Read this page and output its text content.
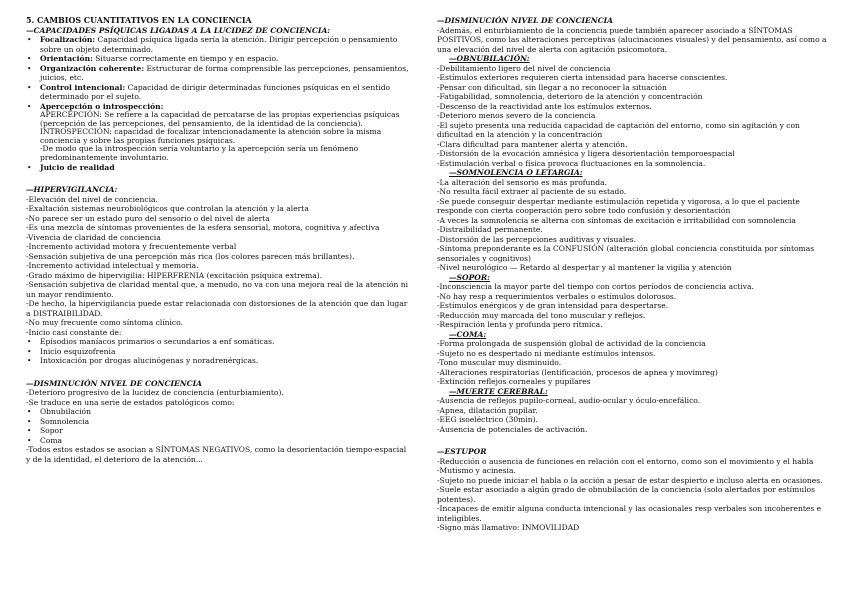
5. CAMBIOS CUANTITATIVOS EN LA CONCIENCIA
—CAPACIDADES PSÍQUICAS LIGADAS A LA LUCIDEZ DE CONCIENCIA:
• Focalización: Capacidad psíquica ligada sería la atención. Dirigir percepción o pensamiento sobre un objeto determinado.
• Orientación: Situarse correctamente en tiempo y en espacio.
• Organización coherente: Estructurar de forma comprensible las percepciones, pensamientos, juicios, etc.
• Control intencional: Capacidad de dirigir determinadas funciones psíquicas en el sentido determinado por el sujeto.
• Apercepción o introspección:
APERCEPCIÓN: Se refiere a la capacidad de percatarse de las propias experiencias psíquicas (percepción de las percepciones, del pensamiento, de la identidad de la conciencia).
INTROSPECCIÓN: capacidad de focalizar intencionadamente la atención sobre la misma conciencia y sobre las propias funciones psíquicas.
-De modo que la introspección sería voluntario y la apercepción sería un fenómeno predominantemente involuntario.
• Juicio de realidad
—HIPERVIGILANCIA:
-Elevación del nivel de conciencia.
-Exaltación sistemas neurobiológicos que controlan la atención y la alerta
-No parece ser un estado puro del sensorio o del nivel de alerta
-Es una mezcla de síntomas provenientes de la esfera sensorial, motora, cognitiva y afectiva
-Vivencia de claridad de conciencia
-Incremento actividad motora y frecuentemente verbal
-Sensación subjetiva de una percepción más rica (los colores parecen más brillantes).
-Incremento actividad intelectual y memoria.
-Grado máximo de hipervigilia: HIPERFRENIA (excitación psíquica extrema).
-Sensación subjetiva de claridad mental que, a menudo, no va con una mejora real de la atención ni un mayor rendimiento.
-De hecho, la hipervigilancia puede estar relacionada con distorsiones de la atención que dan lugar a DISTRAIBILIDAD.
-No muy frecuente como síntoma clínico.
-Inicio casi constante de:
• Episodios maníacos primarios o secundarios a enf somáticas.
• Inicio esquizofrenia
• Intoxicación por drogas alucinógenas y noradrenérgicas.
—DISMINUCIÓN NIVEL DE CONCIENCIA
-Deterioro progresivo de la lucidez de conciencia (enturbiamiento).
-Se traduce en una serie de estados patológicos como:
• Obnubilación
• Somnolencia
• Sopor
• Coma
-Todos estos estados se asocian a SÍNTOMAS NEGATIVOS, como la desorientación tiempo-espacial y de la identidad, el deterioro de la atención...
—DISMINUCIÓN NIVEL DE CONCIENCIA
-Además, el enturbiamiento de la conciencia puede también aparecer asociado a SÍNTOMAS POSITIVOS, como las alteraciones perceptivas (alucinaciones visuales) y del pensamiento, así como a una elevación del nivel de alerta con agitación psicomotora.
—OBNUBILACIÓN:
-Debilitamiento ligero del nivel de conciencia
-Estímulos exteriores requieren cierta intensidad para hacerse conscientes.
-Pensar con dificultad, sin llegar a no reconocer la situación
-Fatigabilidad, somnolencia, deterioro de la atención y concentración
-Descenso de la reactividad ante los estímulos externos.
-Deterioro menos severo de la conciencia
-El sujeto presenta una reducida capacidad de captación del entorno, como sin agitación y con dificultad en la atención y la concentración
-Clara dificultad para mantener alerta y atención.
-Distorsión de la evocación amnésica y ligera desorientación temporoespacial
-Estimulación verbal o física provoca fluctuaciones en la somnolencia.
—SOMNOLENCIA O LETARGIA:
-La alteración del sensorio es más profunda.
-No resulta fácil extraer al paciente de su estado.
-Se puede conseguir despertar mediante estimulación repetida y vigorosa, a lo que el paciente responde con cierta cooperación pero sobre todo confusión y desorientación
-A veces la somnolencia se alterna con síntomas de excitación e irritabilidad con somnolencia
-Distraibilidad permanente.
-Distorsión de las percepciones auditivas y visuales.
-Síntoma preponderante es la CONFUSIÓN (alteración global conciencia constituida por síntomas sensoriales y cognitivos)
-Nivel neurológico — Retardo al despertar y al mantener la vigilia y atención
—SOPOR:
-Inconsciencia la mayor parte del tiempo con cortos períodos de conciencia activa.
-No hay resp a requerimientos verbales o estímulos dolorosos.
-Estímulos enérgicos y de gran intensidad para despertarse.
-Reducción muy marcada del tono muscular y reflejos.
-Respiración lenta y profunda pero rítmica.
—COMA:
-Forma prolongada de suspensión global de actividad de la conciencia
-Sujeto no es despertado ni mediante estímulos intensos.
-Tono muscular muy disminuido.
-Alteraciones respiratorias (lentificación, procesos de apnea y movimreg)
-Extinción reflejos corneales y pupilares
—MUERTE CEREBRAL:
-Ausencia de reflejos pupilo-corneal, audio-ocular y óculo-encefálico.
-Apnea, dilatación pupilar.
-EEG isoeléctrico (30min).
-Ausencia de potenciales de activación.
—ESTUPOR
-Reducción o ausencia de funciones en relación con el entorno, como son el movimiento y el habla
-Mutismo y acinesia.
-Sujeto no puede iniciar el habla o la acción a pesar de estar despierto e incluso alerta en ocasiones.
-Suele estar asociado a algún grado de obnubilación de la conciencia (solo alertados por estímulos potentes).
-Incapaces de emitir alguna conducta intencional y las ocasionales resp verbales son incoherentes e inteligibles.
-Signo más llamativo: INMOVILIDAD
